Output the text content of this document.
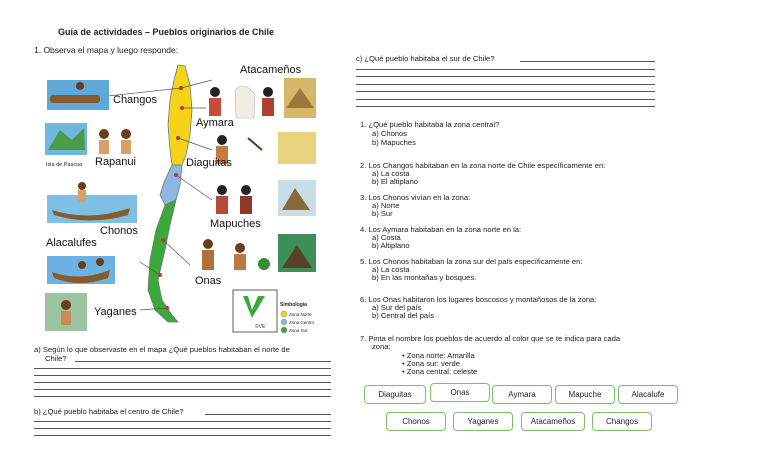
Guía de actividades – Pueblos originarios de Chile
1. Observa el mapa y luego responde:
©VE
Atacameños
Changos
Aymara
Rapanui
Isla de Pascua	Diaguitas
Chonos
Mapuches
Alacalufes
Onas
Yaganes
Simbología
Zona Norte
Zona Centro
Zona Sur
a) Según lo que observaste en el mapa ¿Qué pueblos habitaban el norte de
Chile?
b) ¿Qué pueblo habitaba el centro de Chile?
c) ¿Qué pueblo habitaba el sur de Chile?
1. ¿Qué pueblo habitaba la zona central?
a) Chonos
b) Mapuches
2. Los Changos habitaban en la zona norte de Chile específicamente en:
a) La costa
b) El altiplano
3. Los Chonos vivían en la zona:
a) Norte
b) Sur
4. Los Aymara habitaban en la zona norte en la:
a) Costa
b) Altiplano
5. Los Chonos habitaban la zona sur del país específicamente en:
a) La costa
b) En las montañas y bosques.
6. Los Onas habitaron los lugares boscosos y montañosos de la zona:
a) Sur del país
b) Central del país
7. Pinta el nombre los pueblos de acuerdo al color que se te indica para cada
zona:
• Zona norte: Amarilla
• Zona sur: verde
• Zona central: celeste
Diaguitas	Onas	Aymara	Mapuche	Alacalufe
Chonos	Yaganes	Atacameños	Changos
